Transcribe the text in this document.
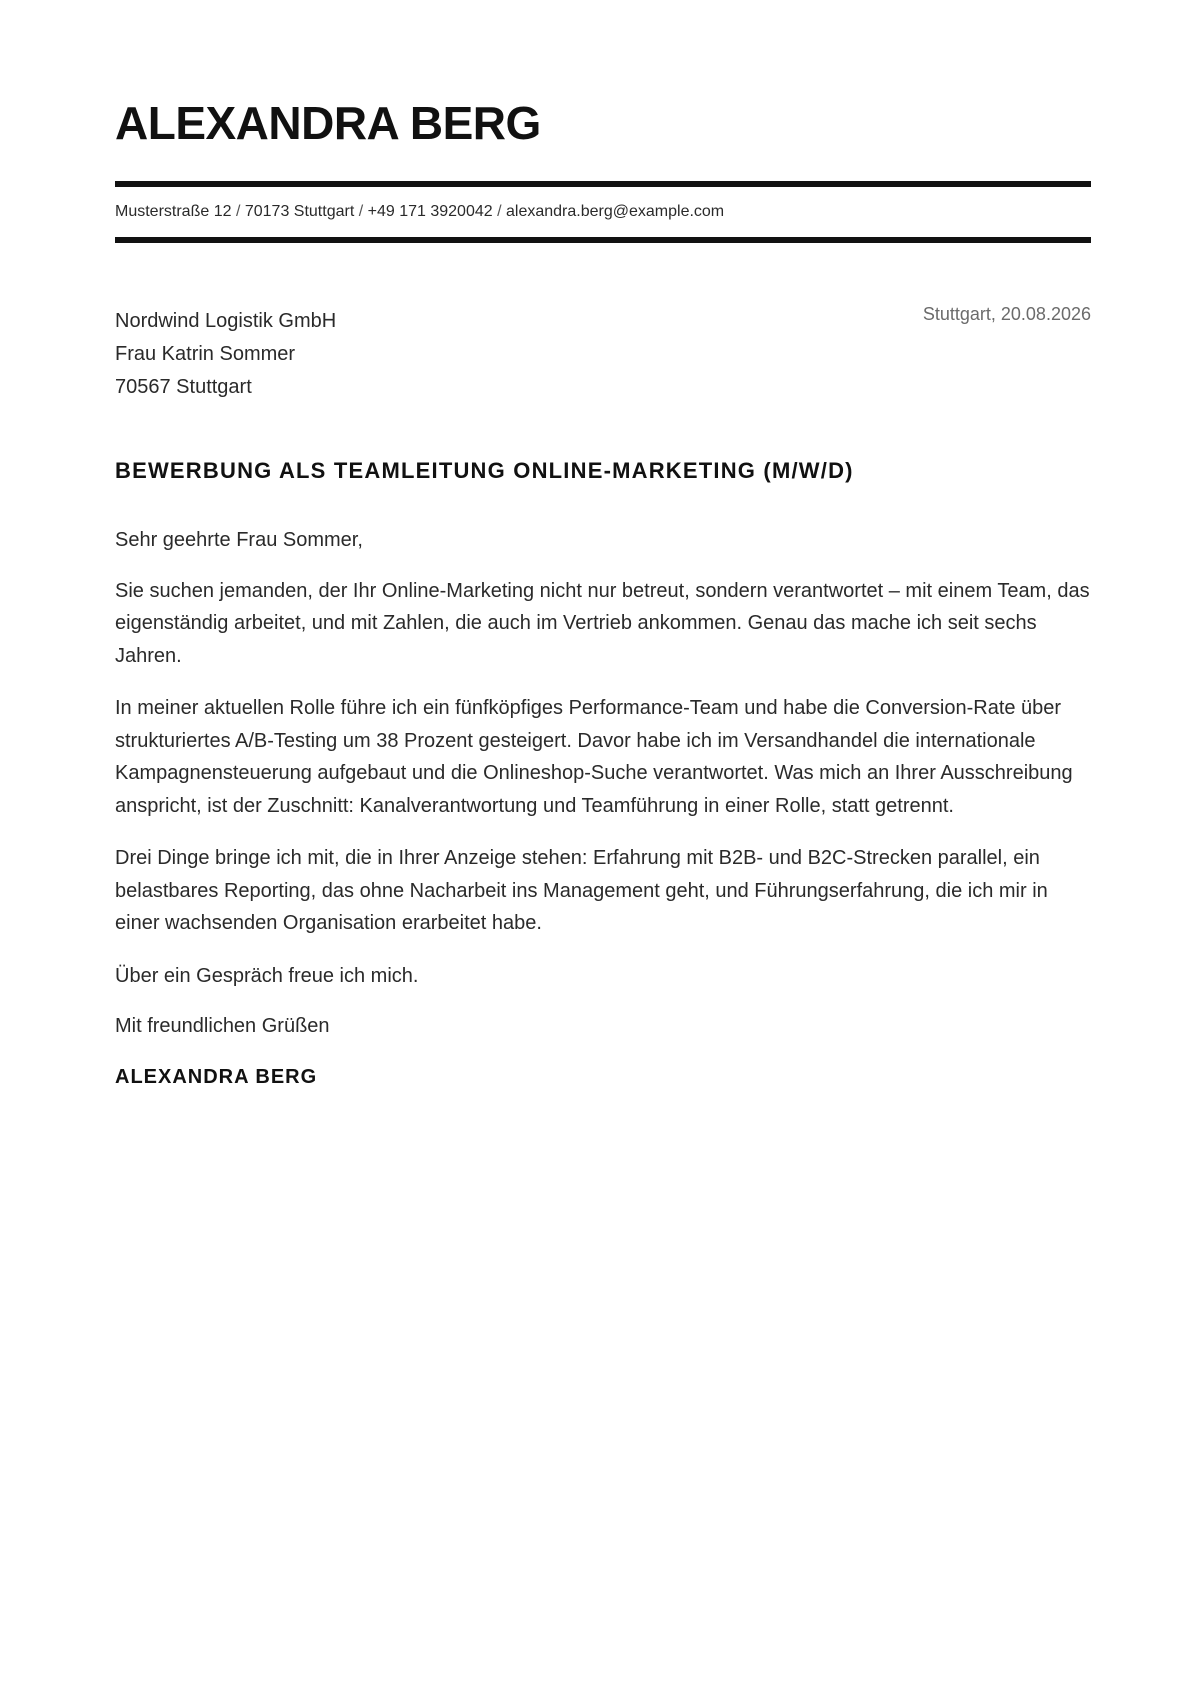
ALEXANDRA BERG
Musterstraße 12 / 70173 Stuttgart / +49 171 3920042 / alexandra.berg@example.com
Nordwind Logistik GmbH
Frau Katrin Sommer
70567 Stuttgart
Stuttgart, 20.08.2026
BEWERBUNG ALS TEAMLEITUNG ONLINE-MARKETING (M/W/D)

Sehr geehrte Frau Sommer,

Sie suchen jemanden, der Ihr Online-Marketing nicht nur betreut, sondern verantwortet – mit einem Team, das eigenständig arbeitet, und mit Zahlen, die auch im Vertrieb ankommen. Genau das mache ich seit sechs Jahren.

In meiner aktuellen Rolle führe ich ein fünfköpfiges Performance-Team und habe die Conversion-Rate über strukturiertes A/B-Testing um 38 Prozent gesteigert. Davor habe ich im Versandhandel die internationale Kampagnensteuerung aufgebaut und die Onlineshop-Suche verantwortet. Was mich an Ihrer Ausschreibung anspricht, ist der Zuschnitt: Kanalverantwortung und Teamführung in einer Rolle, statt getrennt.

Drei Dinge bringe ich mit, die in Ihrer Anzeige stehen: Erfahrung mit B2B- und B2C-Strecken parallel, ein belastbares Reporting, das ohne Nacharbeit ins Management geht, und Führungserfahrung, die ich mir in einer wachsenden Organisation erarbeitet habe.

Über ein Gespräch freue ich mich.

Mit freundlichen Grüßen

ALEXANDRA BERG
